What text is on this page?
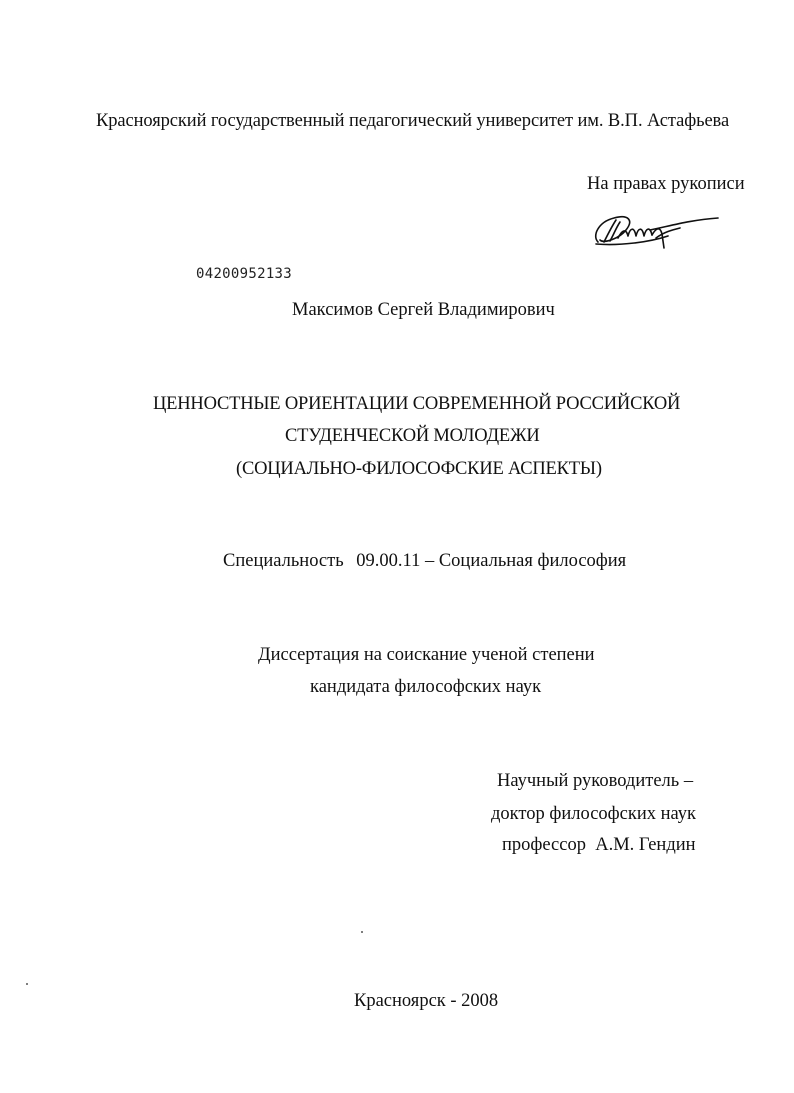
Красноярский государственный педагогический университет им. В.П. Астафьева
На правах рукописи
04200952133
Максимов Сергей Владимирович
ЦЕННОСТНЫЕ ОРИЕНТАЦИИ СОВРЕМЕННОЙ РОССИЙСКОЙ
СТУДЕНЧЕСКОЙ МОЛОДЕЖИ
(СОЦИАЛЬНО-ФИЛОСОФСКИЕ АСПЕКТЫ)
Специальность 09.00.11 – Социальная философия
Диссертация на соискание ученой степени
кандидата философских наук
Научный руководитель –
доктор философских наук
профессор  А.М. Гендин
Красноярск - 2008
